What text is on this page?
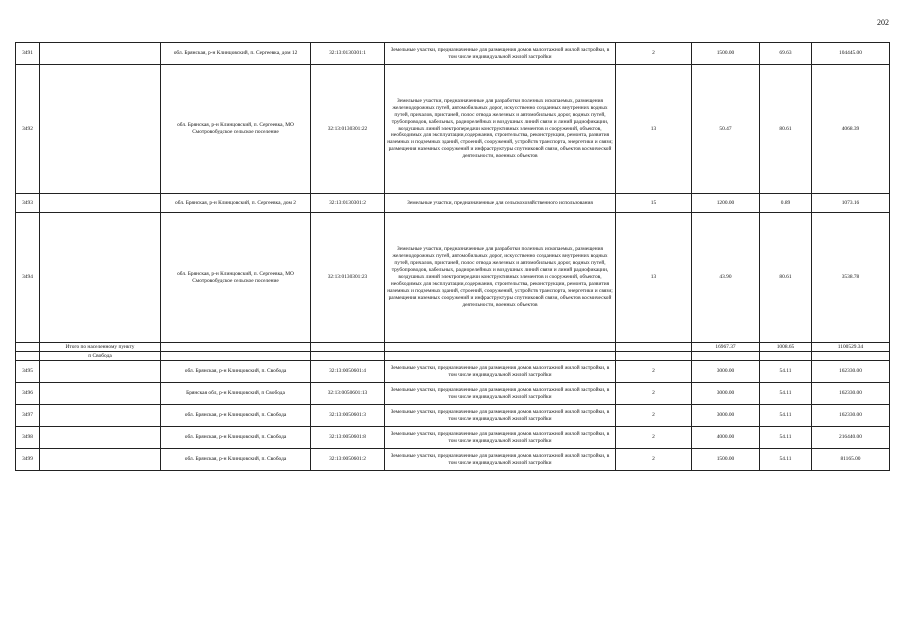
202
3491		обл. Брянская, р-н Клинцовский, п. Сергеевка, дом 12	32:13:0130301:1	Земельные участки, предназначенные для размещения домов малоэтажной жилой застройки, в том числе индивидуальной жилой застройки	2	1500.00	69.63	104445.00
3492		обл. Брянская, р-н Клинцовский, п. Сергеевка, МО Смотровобудское сельское поселение	32:13:0130301:22	Земельные участки, предназначенные для разработки полезных ископаемых, размещения железнодорожных путей, автомобильных дорог, искусственно созданных внутренних водных путей, причалов, пристаней, полос отвода железных и автомобильных дорог, водных путей, трубопроводов, кабельных, радиорелейных и воздушных линий связи и линий радиофикации, воздушных линий электропередачи конструктивных элементов и сооружений, объектов, необходимых для эксплуатации,содержания, строительства, реконструкции, ремонта, развития наземных и подземных зданий, строений, сооружений, устройств транспорта, энергетики и связи; размещения наземных сооружений и инфраструктуры спутниковой связи, объектов космической деятельности, военных объектов	13	50.47	80.61	4068.39
3493		обл. Брянская, р-н Клинцовский, п. Сергеевка, дом 2	32:13:0130301:2	Земельные участки, предназначенные для сельскохозяйственного использования	15	1200.00	0.89	1073.16
3494		обл. Брянская, р-н Клинцовский, п. Сергеевка, МО Смотровобудское сельское поселение	32:13:0130301:23	Земельные участки, предназначенные для разработки полезных ископаемых, размещения железнодорожных путей, автомобильных дорог, искусственно созданных внутренних водных путей, причалов, пристаней, полос отвода железных и автомобильных дорог, водных путей, трубопроводов, кабельных, радиорелейных и воздушных линий связи и линий радиофикации, воздушных линий электропередачи конструктивных элементов и сооружений, объектов, необходимых для эксплуатации,содержания, строительства, реконструкции, ремонта, развития наземных и подземных зданий, строений, сооружений, устройств транспорта, энергетики и связи; размещения наземных сооружений и инфраструктуры спутниковой связи, объектов космической деятельности, военных объектов	13	43.90	80.61	3538.78
	Итого по населенному пункту					16967.37	1008.65	1100529.34
	п Свобода							
3495		обл. Брянская, р-н Клинцовский, п. Свобода	32:13:0050601:4	Земельные участки, предназначенные для размещения домов малоэтажной жилой застройки, в том числе индивидуальной жилой застройки	2	3000.00	54.11	162330.00
3496		Брянская обл, р-н Клинцовский, п Свобода	32:13:0050601:13	Земельные участки, предназначенные для размещения домов малоэтажной жилой застройки, в том числе индивидуальной жилой застройки	2	3000.00	54.11	162330.00
3497		обл. Брянская, р-н Клинцовский, п. Свобода	32:13:0050601:3	Земельные участки, предназначенные для размещения домов малоэтажной жилой застройки, в том числе индивидуальной жилой застройки	2	3000.00	54.11	162330.00
3498		обл. Брянская, р-н Клинцовский, п. Свобода	32:13:0050601:8	Земельные участки, предназначенные для размещения домов малоэтажной жилой застройки, в том числе индивидуальной жилой застройки	2	4000.00	54.11	216440.00
3499		обл. Брянская, р-н Клинцовский, п. Свобода	32:13:0050601:2	Земельные участки, предназначенные для размещения домов малоэтажной жилой застройки, в том числе индивидуальной жилой застройки	2	1500.00	54.11	81165.00
